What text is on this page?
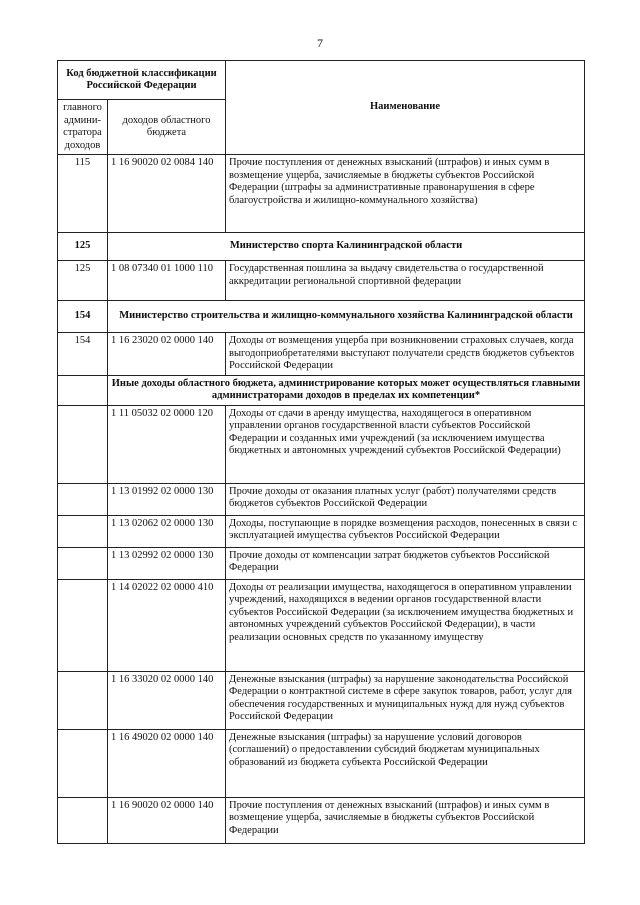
7
Код бюджетной классификации Российской Федерации		Наименование
главного админи- стратора доходов	доходов областного бюджета	
115	1 16 90020 02 0084 140	Прочие поступления от денежных взысканий (штрафов) и иных сумм в возмещение ущерба, зачисляемые в бюджеты субъектов Российской Федерации (штрафы за административные правонарушения в сфере благоустройства и жилищно-коммунального хозяйства)
125	Министерство спорта Калининградской области	
125	1 08 07340 01 1000 110	Государственная пошлина за выдачу свидетельства о государственной аккредитации региональной спортивной федерации
154	Министерство строительства и жилищно-коммунального хозяйства Калининградской области	
154	1 16 23020 02 0000 140	Доходы от возмещения ущерба при возникновении страховых случаев, когда выгодоприобретателями выступают получатели средств бюджетов субъектов Российской Федерации
	Иные доходы областного бюджета, администрирование которых может осуществляться главными администраторами доходов в пределах их компетенции*	
	1 11 05032 02 0000 120	Доходы от сдачи в аренду имущества, находящегося в оперативном управлении органов государственной власти субъектов Российской Федерации и созданных ими учреждений (за исключением имущества бюджетных и автономных учреждений субъектов Российской Федерации)
	1 13 01992 02 0000 130	Прочие доходы от оказания платных услуг (работ) получателями средств бюджетов субъектов Российской Федерации
	1 13 02062 02 0000 130	Доходы, поступающие в порядке возмещения расходов, понесенных в связи с эксплуатацией имущества субъектов Российской Федерации
	1 13 02992 02 0000 130	Прочие доходы от компенсации затрат бюджетов субъектов Российской Федерации
	1 14 02022 02 0000 410	Доходы от реализации имущества, находящегося в оперативном управлении учреждений, находящихся в ведении органов государственной власти субъектов Российской Федерации (за исключением имущества бюджетных и автономных учреждений субъектов Российской Федерации), в части реализации основных средств по указанному имуществу
	1 16 33020 02 0000 140	Денежные взыскания (штрафы) за нарушение законодательства Российской Федерации о контрактной системе в сфере закупок товаров, работ, услуг для обеспечения государственных и муниципальных нужд для нужд субъектов Российской Федерации
	1 16 49020 02 0000 140	Денежные взыскания (штрафы) за нарушение условий договоров (соглашений) о предоставлении субсидий бюджетам муниципальных образований из бюджета субъекта Российской Федерации
	1 16 90020 02 0000 140	Прочие поступления от денежных взысканий (штрафов) и иных сумм в возмещение ущерба, зачисляемые в бюджеты субъектов Российской Федерации
